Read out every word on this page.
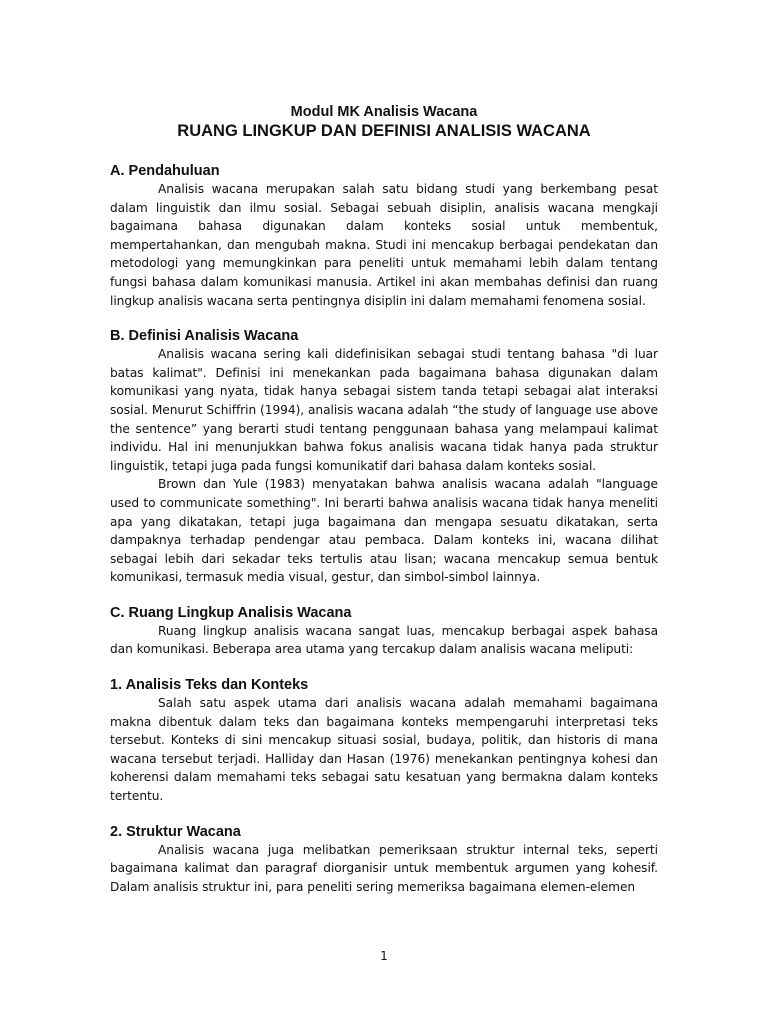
Modul MK Analisis Wacana
RUANG LINGKUP DAN DEFINISI ANALISIS WACANA
A. Pendahuluan

Analisis wacana merupakan salah satu bidang studi yang berkembang pesat dalam linguistik dan ilmu sosial. Sebagai sebuah disiplin, analisis wacana mengkaji bagaimana bahasa digunakan dalam konteks sosial untuk membentuk, mempertahankan, dan mengubah makna. Studi ini mencakup berbagai pendekatan dan metodologi yang memungkinkan para peneliti untuk memahami lebih dalam tentang fungsi bahasa dalam komunikasi manusia. Artikel ini akan membahas definisi dan ruang lingkup analisis wacana serta pentingnya disiplin ini dalam memahami fenomena sosial.

B. Definisi Analisis Wacana

Analisis wacana sering kali didefinisikan sebagai studi tentang bahasa "di luar batas kalimat". Definisi ini menekankan pada bagaimana bahasa digunakan dalam komunikasi yang nyata, tidak hanya sebagai sistem tanda tetapi sebagai alat interaksi sosial. Menurut Schiffrin (1994), analisis wacana adalah “the study of language use above the sentence” yang berarti studi tentang penggunaan bahasa yang melampaui kalimat individu. Hal ini menunjukkan bahwa fokus analisis wacana tidak hanya pada struktur linguistik, tetapi juga pada fungsi komunikatif dari bahasa dalam konteks sosial.

Brown dan Yule (1983) menyatakan bahwa analisis wacana adalah "language used to communicate something". Ini berarti bahwa analisis wacana tidak hanya meneliti apa yang dikatakan, tetapi juga bagaimana dan mengapa sesuatu dikatakan, serta dampaknya terhadap pendengar atau pembaca. Dalam konteks ini, wacana dilihat sebagai lebih dari sekadar teks tertulis atau lisan; wacana mencakup semua bentuk komunikasi, termasuk media visual, gestur, dan simbol-simbol lainnya.

C. Ruang Lingkup Analisis Wacana

Ruang lingkup analisis wacana sangat luas, mencakup berbagai aspek bahasa dan komunikasi. Beberapa area utama yang tercakup dalam analisis wacana meliputi:

1. Analisis Teks dan Konteks

Salah satu aspek utama dari analisis wacana adalah memahami bagaimana makna dibentuk dalam teks dan bagaimana konteks mempengaruhi interpretasi teks tersebut. Konteks di sini mencakup situasi sosial, budaya, politik, dan historis di mana wacana tersebut terjadi. Halliday dan Hasan (1976) menekankan pentingnya kohesi dan koherensi dalam memahami teks sebagai satu kesatuan yang bermakna dalam konteks tertentu.

2. Struktur Wacana

Analisis wacana juga melibatkan pemeriksaan struktur internal teks, seperti bagaimana kalimat dan paragraf diorganisir untuk membentuk argumen yang kohesif. Dalam analisis struktur ini, para peneliti sering memeriksa bagaimana elemen-elemen

1
